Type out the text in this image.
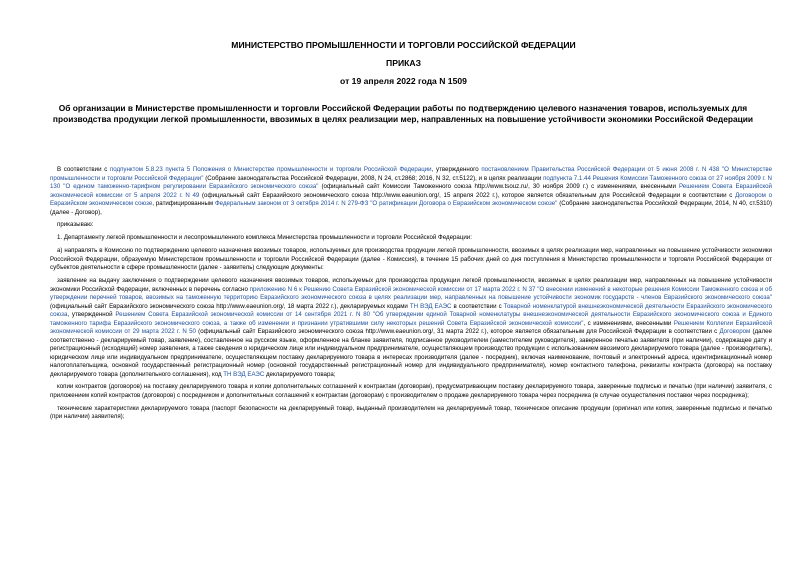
МИНИСТЕРСТВО ПРОМЫШЛЕННОСТИ И ТОРГОВЛИ РОССИЙСКОЙ ФЕДЕРАЦИИ
ПРИКАЗ
от 19 апреля 2022 года N 1509
Об организации в Министерстве промышленности и торговли Российской Федерации работы по подтверждению целевого назначения товаров, используемых для производства продукции легкой промышленности, ввозимых в целях реализации мер, направленных на повышение устойчивости экономики Российской Федерации

В соответствии с подпунктом 5.8.23 пункта 5 Положения о Министерстве промышленности и торговли Российской Федерации, утвержденного постановлением Правительства Российской Федерации от 5 июня 2008 г. N 438 "О Министерстве промышленности и торговли Российской Федерации" (Собрание законодательства Российской Федерации, 2008, N 24, ст.2868; 2016, N 32, ст.5122), и в целях реализации подпункта 7.1.44 Решения Комиссии Таможенного союза от 27 ноября 2009 г. N 130 "О едином таможенно-тарифном регулировании Евразийского экономического союза" (официальный сайт Комиссии Таможенного союза http://www.tsouz.ru/, 30 ноября 2009 г.) с изменениями, внесенными Решением Совета Евразийской экономической комиссии от 5 апреля 2022 г. N 49 (официальный сайт Евразийского экономического союза http://www.eaeunion.org/, 15 апреля 2022 г.), которое является обязательным для Российской Федерации в соответствии с Договором о Евразийском экономическом союзе, ратифицированным Федеральным законом от 3 октября 2014 г. N 279-ФЗ "О ратификации Договора о Евразийском экономическом союзе" (Собрание законодательства Российской Федерации, 2014, N 40, ст.5310) (далее - Договор),

приказываю:

1. Департаменту легкой промышленности и лесопромышленного комплекса Министерства промышленности и торговли Российской Федерации:

а) направлять в Комиссию по подтверждению целевого назначения ввозимых товаров, используемых для производства продукции легкой промышленности, ввозимых в целях реализации мер, направленных на повышение устойчивости экономики Российской Федерации, образуемую Министерством промышленности и торговли Российской Федерации (далее - Комиссия), в течение 15 рабочих дней со дня поступления в Министерство промышленности и торговли Российской Федерации от субъектов деятельности в сфере промышленности (далее - заявитель) следующие документы:

заявление на выдачу заключения о подтверждении целевого назначения ввозимых товаров, используемых для производства продукции легкой промышленности, ввозимых в целях реализации мер, направленных на повышение устойчивости экономики Российской Федерации, включенных в перечень согласно приложению N 6 к Решению Совета Евразийской экономической комиссии от 17 марта 2022 г. N 37 "О внесении изменений в некоторые решения Комиссии Таможенного союза и об утверждении перечней товаров, ввозимых на таможенную территорию Евразийского экономического союза в целях реализации мер, направленных на повышение устойчивости экономик государств - членов Евразийского экономического союза" (официальный сайт Евразийского экономического союза http://www.eaeunion.org/, 18 марта 2022 г.), декларируемых кодами ТН ВЭД ЕАЭС в соответствии с Товарной номенклатурой внешнеэкономической деятельности Евразийского экономического союза, утвержденной Решением Совета Евразийской экономической комиссии от 14 сентября 2021 г. N 80 "Об утверждении единой Товарной номенклатуры внешнеэкономической деятельности Евразийского экономического союза и Единого таможенного тарифа Евразийского экономического союза, а также об изменении и признании утратившими силу некоторых решений Совета Евразийской экономической комиссии", с изменениями, внесенными Решением Коллегии Евразийской экономической комиссии от 29 марта 2022 г. N 50 (официальный сайт Евразийского экономического союза http://www.eaeunion.org/, 31 марта 2022 г.), которое является обязательным для Российской Федерации в соответствии с Договором (далее соответственно - декларируемый товар, заявление), составленное на русском языке, оформленное на бланке заявителя, подписанное руководителем (заместителем руководителя), заверенное печатью заявителя (при наличии), содержащее дату и регистрационный (исходящий) номер заявления, а также сведения о юридическом лице или индивидуальном предпринимателе, осуществляющем производство продукции с использованием ввозимого декларируемого товара (далее - производитель), юридическом лице или индивидуальном предпринимателе, осуществляющем поставку декларируемого товара в интересах производителя (далее - посредник), включая наименование, почтовый и электронный адреса, идентификационный номер налогоплательщика, основной государственный регистрационный номер (основной государственный регистрационный номер для индивидуального предпринимателя), номер контактного телефона, реквизиты контракта (договора) на поставку декларируемого товара (дополнительного соглашения), код ТН ВЭД ЕАЭС декларируемого товара;

копии контрактов (договоров) на поставку декларируемого товара и копии дополнительных соглашений к контрактам (договорам), предусматривающим поставку декларируемого товара, заверенные подписью и печатью (при наличии) заявителя, с приложением копий контрактов (договоров) с посредником и дополнительных соглашений к контрактам (договорам) с производителем о продаже декларируемого товара через посредника (в случае осуществления поставки через посредника);

технические характеристики декларируемого товара (паспорт безопасности на декларируемый товар, выданный производителем на декларируемый товар, техническое описание продукции (оригинал или копия, заверенные подписью и печатью (при наличии) заявителя);
